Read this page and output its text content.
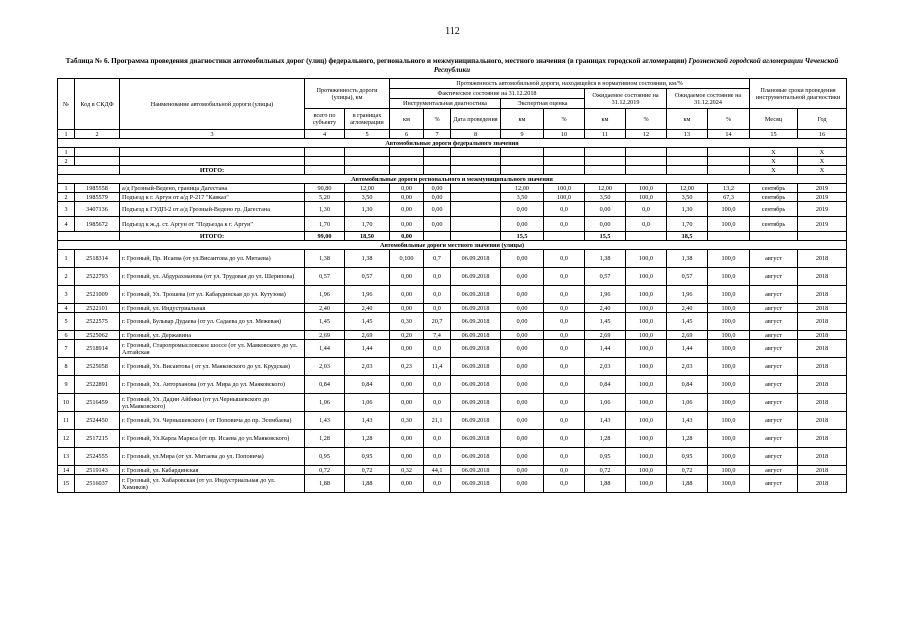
112
Таблица № 6. Программа проведения диагностики автомобильных дорог (улиц) федерального, регионального и межмуниципального, местного значения (в границах городской агломерации) Грозненской городской агломерации Чеченской Республики
№	Код в СКДФ	Наименование автомобильной дороги (улицы)	Протяженность дороги (улицы), км		Протяженность автомобильной дороги, находящейся в нормативном состоянии, км/%									Плановые сроки проведения инструментальной диагностики	
					Фактическое состояние на 31.12.2018					Ожидаемое состояние на 31.12.2019		Ожидаемое состояние на 31.12.2024			
					Инструментальная диагностика			Экспертная оценка							
			всего по субъекту	в границах агломерации	км	%	Дата проведения	км	%	км	%	км	%	Месяц	Год
1	2	3	4	5	6	7	8	9	10	11	12	13	14	15	16
Автомобильные дороги федерального значения															
1														Х	Х
2														Х	Х
		ИТОГО:												Х	Х
Автомобильные дороги регионального и межмуниципального значения															
1	1985558	а/д Грозный-Ведено, граница Дагестана	90,80	12,00	0,00	0,00		12,00	100,0	12,00	100,0	12,00	13,2	сентябрь	2019
2	1985579	Подъезд к г. Аргун от а/д Р-217 "Кавказ"	5,20	3,50	0,00	0,00		3,50	100,0	3,50	100,0	3,50	67,3	сентябрь	2019
3	3407136	Подъезд к ГУДП-2 от а/д Грозный-Ведено гр. Дагестана	1,30	1,30	0,00	0,00		0,00	0,0	0,00	0,0	1,30	100,0	сентябрь	2019
4	1985672	Подъезд к ж.д. ст. Аргун от "Подъезда к г. Аргун"	1,70	1,70	0,00	0,00		0,00	0,0	0,00	0,0	1,70	100,0	сентябрь	2019
		ИТОГО:	99,00	18,50	0,00			15,5		15,5		18,5			
Автомобильные дороги местного значения (улицы)															
1	2518314	г. Грозный, Пр. Исаева (от ул.Висаитова до ул. Митаева)	1,38	1,38	0,100	0,7	06.09.2018	0,00	0,0	1,38	100,0	1,38	100,0	август	2018
2	2522793	г. Грозный, ул. Абдурахманова (от ул. Трудовая до ул. Шерипова)	0,57	0,57	0,00	0,0	06.09.2018	0,00	0,0	0,57	100,0	0,57	100,0	август	2018
3	2521009	г. Грозный, Ул. Трошева (от ул. Кабардинская до ул. Кутузова)	1,96	1,96	0,00	0,0	06.09.2018	0,00	0,0	1,96	100,0	1,96	100,0	август	2018
4	2522101	г. Грозный, ул. Индустриальная	2,40	2,40	0,00	0,0	06.09.2018	0,00	0,0	2,40	100,0	2,40	100,0	август	2018
5	2522575	г. Грозный, Бульвар Дудаева (от ул. Садаева до ул. Межевая)	1,45	1,45	0,30	20,7	06.09.2018	0,00	0,0	1,45	100,0	1,45	100,0	август	2018
6	2525062	г. Грозный, ул. Державина	2,69	2,69	0,20	7,4	06.09.2018	0,00	0,0	2,69	100,0	2,69	100,0	август	2018
7	2518914	г. Грозный, Старопромысловское шоссе (от ул. Маяковского до ул. Алтайская	1,44	1,44	0,00	0,0	06.09.2018	0,00	0,0	1,44	100,0	1,44	100,0	август	2018
8	2525058	г. Грозный, Ул. Висаитова ( от ул. Маяковского до ул. Крудская)	2,03	2,03	0,23	11,4	06.09.2018	0,00	0,0	2,03	100,0	2,03	100,0	август	2018
9	2522891	г. Грозный, Ул. Авторханова (от ул. Мира до ул. Маяковского)	0,84	0,84	0,00	0,0	06.09.2018	0,00	0,0	0,84	100,0	0,84	100,0	август	2018
10	2516459	г. Грозный, Ул. Дадин Айбики (от ул.Чернышевского до ул.Маяковского)	1,06	1,06	0,00	0,0	06.09.2018	0,00	0,0	1,06	100,0	1,06	100,0	август	2018
11	2524450	г. Грозный, Ул. Чернышевского ( от Поповича до пр. Эсембаева)	1,43	1,43	0,30	21,1	06.09.2018	0,00	0,0	1,43	100,0	1,43	100,0	август	2018
12	2517215	г. Грозный, Ул.Карла Маркса (от пр. Исаева до ул.Маяковского)	1,28	1,28	0,00	0,0	06.09.2018	0,00	0,0	1,28	100,0	1,28	100,0	август	2018
13	2524555	г. Грозный, ул.Мира (от ул. Митаева до ул. Поповича)	0,95	0,95	0,00	0,0	06.09.2018	0,00	0,0	0,95	100,0	0,95	100,0	август	2018
14	2519143	г. Грозный, ул. Кабардинская	0,72	0,72	0,32	44,1	06.09.2018	0,00	0,0	0,72	100,0	0,72	100,0	август	2018
15	2516037	г. Грозный, ул. Хабаровская (от ул. Индустриальная до ул. Химиков)	1,88	1,88	0,00	0,0	06.09.2018	0,00	0,0	1,88	100,0	1,88	100,0	август	2018
